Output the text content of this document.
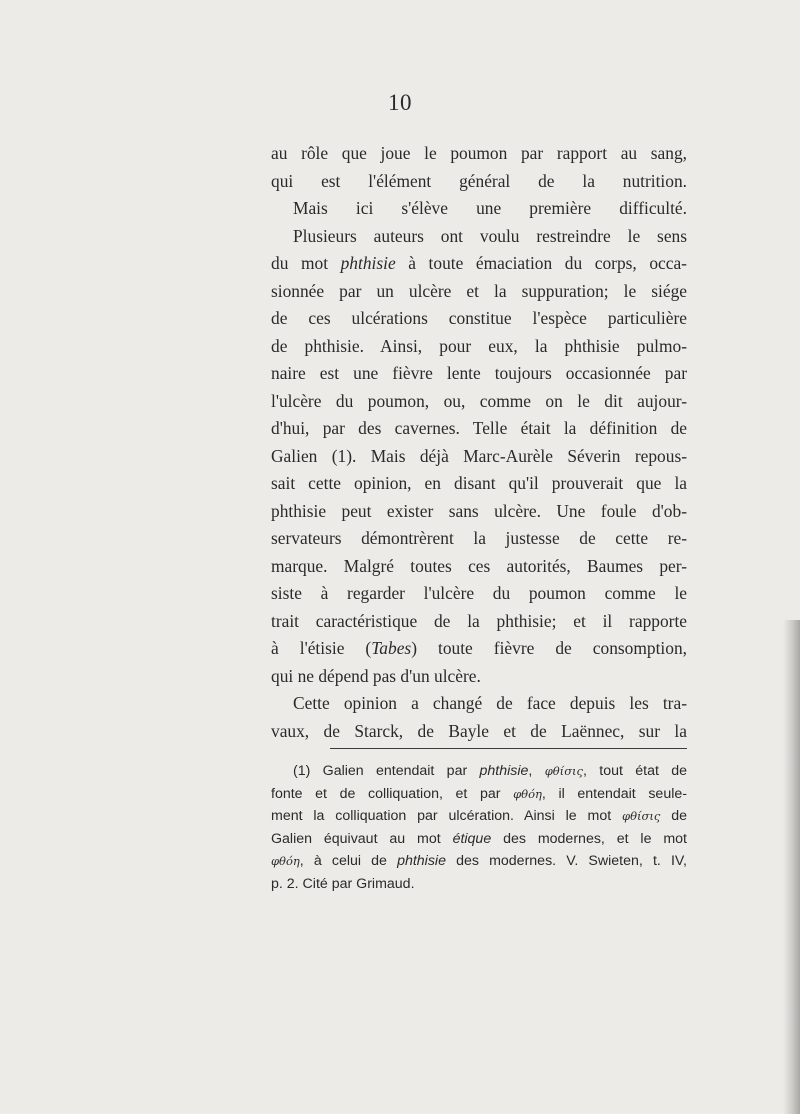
10
au rôle que joue le poumon par rapport au sang,
qui est l'élément général de la nutrition.
Mais ici s'élève une première difficulté.
Plusieurs auteurs ont voulu restreindre le sens
du mot phthisie à toute émaciation du corps, occa-
sionnée par un ulcère et la suppuration; le siége
de ces ulcérations constitue l'espèce particulière
de phthisie. Ainsi, pour eux, la phthisie pulmo-
naire est une fièvre lente toujours occasionnée par
l'ulcère du poumon, ou, comme on le dit aujour-
d'hui, par des cavernes. Telle était la définition de
Galien (1). Mais déjà Marc-Aurèle Séverin repous-
sait cette opinion, en disant qu'il prouverait que la
phthisie peut exister sans ulcère. Une foule d'ob-
servateurs démontrèrent la justesse de cette re-
marque. Malgré toutes ces autorités, Baumes per-
siste à regarder l'ulcère du poumon comme le
trait caractéristique de la phthisie; et il rapporte
à l'étisie (Tabes) toute fièvre de consomption,
qui ne dépend pas d'un ulcère.
Cette opinion a changé de face depuis les tra-
vaux, de Starck, de Bayle et de Laënnec, sur la
(1) Galien entendait par phthisie, φθίσις, tout état de
fonte et de colliquation, et par φθόη, il entendait seule-
ment la colliquation par ulcération. Ainsi le mot φθίσις de
Galien équivaut au mot étique des modernes, et le mot
φθόη, à celui de phthisie des modernes. V. Swieten, t. IV,
p. 2. Cité par Grimaud.
